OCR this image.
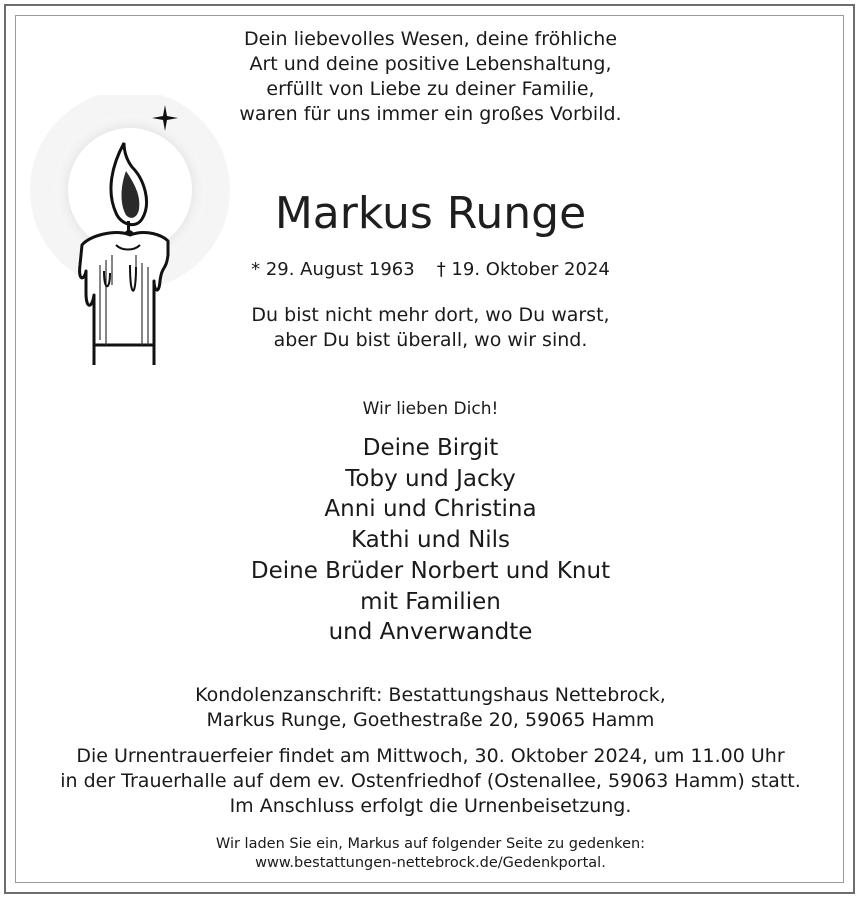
Dein liebevolles Wesen, deine fröhliche
Art und deine positive Lebenshaltung,
erfüllt von Liebe zu deiner Familie,
waren für uns immer ein großes Vorbild.
Markus Runge
* 29. August 1963 † 19. Oktober 2024
Du bist nicht mehr dort, wo Du warst,
aber Du bist überall, wo wir sind.
Wir lieben Dich!
Deine Birgit
Toby und Jacky
Anni und Christina
Kathi und Nils
Deine Brüder Norbert und Knut
mit Familien
und Anverwandte
Kondolenzanschrift: Bestattungshaus Nettebrock,
Markus Runge, Goethestraße 20, 59065 Hamm
Die Urnentrauerfeier findet am Mittwoch, 30. Oktober 2024, um 11.00 Uhr
in der Trauerhalle auf dem ev. Ostenfriedhof (Ostenallee, 59063 Hamm) statt.
Im Anschluss erfolgt die Urnenbeisetzung.
Wir laden Sie ein, Markus auf folgender Seite zu gedenken:
www.bestattungen-nettebrock.de/Gedenkportal.
